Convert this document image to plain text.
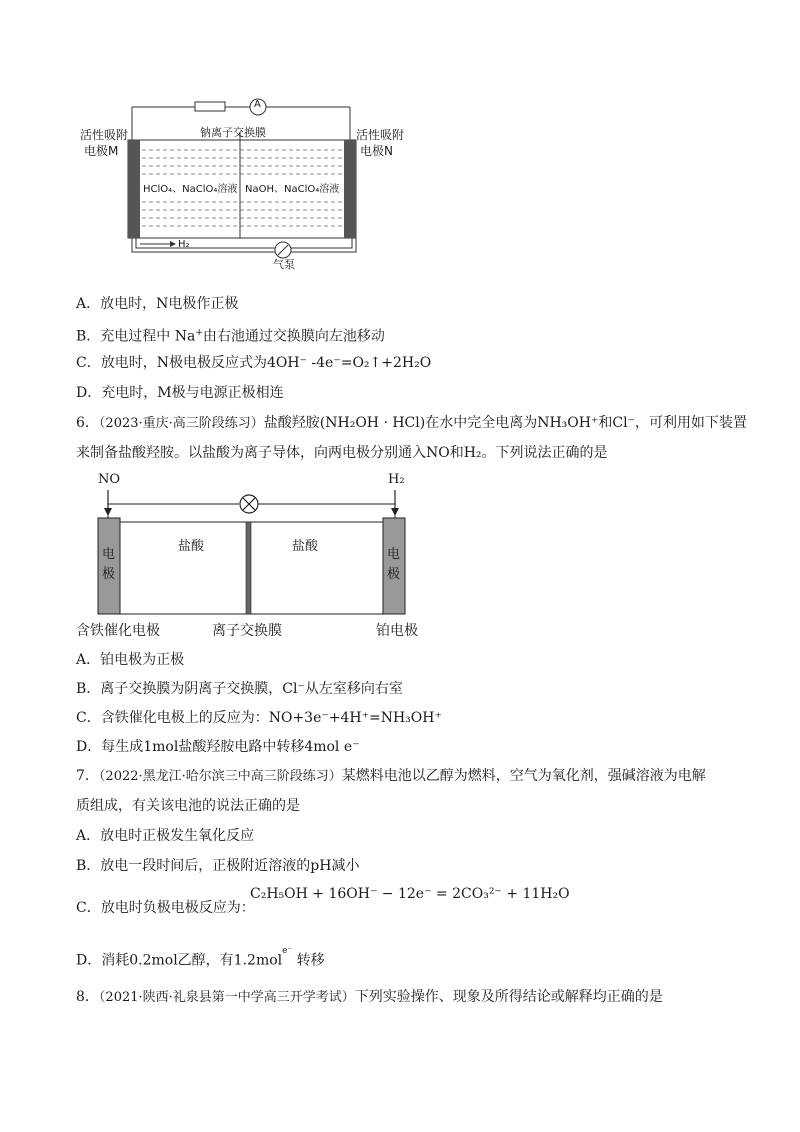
A
活性吸附
电极M
活性吸附
电极N
钠离子交换膜
HClO₄、NaClO₄溶液 NaOH、NaClO₄溶液
H₂
气泵
A．放电时，N电极作正极
B．充电过程中 Na+由右池通过交换膜向左池移动
C．放电时，N极电极反应式为4OH⁻ -4e⁻=O₂↑+2H₂O
D．充电时，M极与电源正极相连
6．（2023·重庆·高三阶段练习）盐酸羟胺(NH₂OH · HCl)在水中完全电离为NH₃OH⁺和Cl⁻，可利用如下装置
来制备盐酸羟胺。以盐酸为离子导体，向两电极分别通入NO和H₂。下列说法正确的是
NO	H₂
电极
电极
盐酸	盐酸
含铁催化电极	离子交换膜	铂电极
A．铂电极为正极
B．离子交换膜为阴离子交换膜，Cl⁻从左室移向右室
C．含铁催化电极上的反应为：NO+3e⁻+4H⁺=NH₃OH⁺
D．每生成1mol盐酸羟胺电路中转移4mol e⁻
7．（2022·黑龙江·哈尔滨三中高三阶段练习）某燃料电池以乙醇为燃料，空气为氧化剂，强碱溶液为电解
质组成，有关该电池的说法正确的是
A．放电时正极发生氧化反应
B．放电一段时间后，正极附近溶液的pH减小
C．放电时负极电极反应为：
C₂H₅OH + 16OH⁻ − 12e⁻ = 2CO₃²⁻ + 11H₂O
D．消耗0.2mol乙醇，有1.2mol$^{e^-}$ 转移
8．（2021·陕西·礼泉县第一中学高三开学考试）下列实验操作、现象及所得结论或解释均正确的是
